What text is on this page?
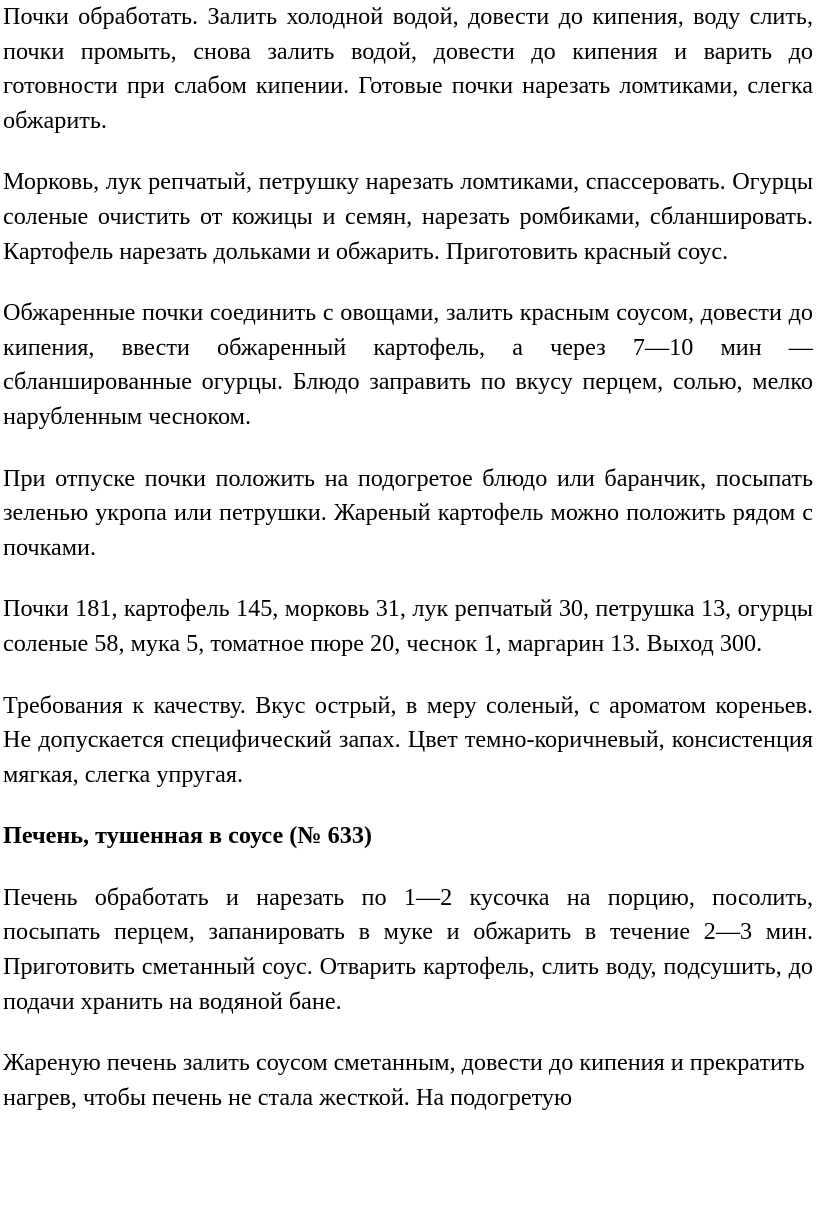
Почки обработать. Залить холодной водой, довести до кипения, воду слить, почки промыть, снова залить водой, довести до кипения и варить до готовности при слабом кипении. Готовые почки нарезать ломтиками, слегка обжарить.

Морковь, лук репчатый, петрушку нарезать ломтиками, спассеровать. Огурцы соленые очистить от кожицы и семян, нарезать ромбиками, сбланшировать. Картофель нарезать дольками и обжарить. Приготовить красный соус.

Обжаренные почки соединить с овощами, залить красным соусом, довести до кипения, ввести обжаренный картофель, а через 7—10 мин — сбланшированные огурцы. Блюдо заправить по вкусу перцем, солью, мелко нарубленным чесноком.

При отпуске почки положить на подогретое блюдо или баранчик, посыпать зеленью укропа или петрушки. Жареный картофель можно положить рядом с почками.

Почки 181, картофель 145, морковь 31, лук репчатый 30, петрушка 13, огурцы соленые 58, мука 5, томатное пюре 20, чеснок 1, маргарин 13. Выход 300.

Требования к качеству. Вкус острый, в меру соленый, с ароматом кореньев. Не допускается специфический запах. Цвет темно-коричневый, консистенция мягкая, слегка упругая.

Печень, тушенная в соусе (№ 633)

Печень обработать и нарезать по 1—2 кусочка на порцию, посолить, посыпать перцем, запанировать в муке и обжарить в течение 2—3 мин. Приготовить сметанный соус. Отварить картофель, слить воду, подсушить, до подачи хранить на водяной бане.

Жареную печень залить соусом сметанным, довести до кипения и прекратить нагрев, чтобы печень не стала жесткой. На подогретую
